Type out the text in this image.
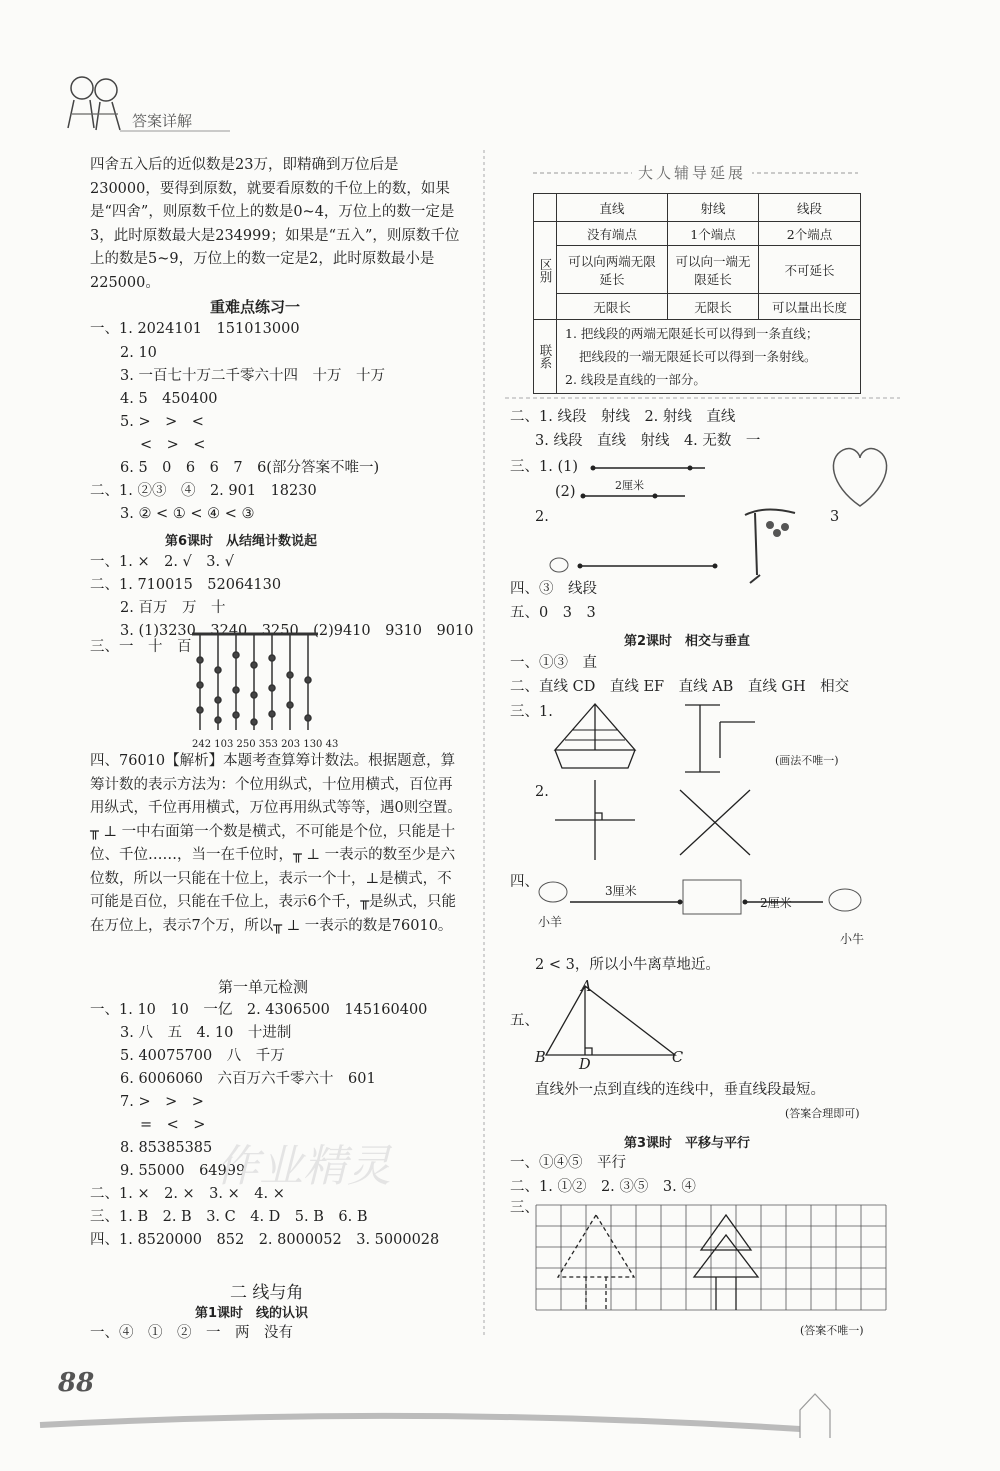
答案详解
四舍五入后的近似数是23万，即精确到万位后是230000，要得到原数，就要看原数的千位上的数，如果是“四舍”，则原数千位上的数是0~4，万位上的数一定是3，此时原数最大是234999；如果是“五入”，则原数千位上的数是5~9，万位上的数一定是2，此时原数最小是225000。
重难点练习一
一、1. 2024101　151013000
2. 10
3. 一百七十万二千零六十四　十万　十万
4. 5　450400
5. >　>　<
<　>　<
6. 5　0　6　6　7　6(部分答案不唯一)
二、1. ②③　④　2. 901　18230
3. ② < ① < ④ < ③
第6课时　从结绳计数说起
一、1. ×　2. √　3. √
二、1. 710015　52064130
2. 百万　万　十
3. (1)3230　3240　3250　(2)9410　9310　9010
三、一　十　百
242 103 250 353 203 130 43
四、76010【解析】本题考查算筹计数法。根据题意，算筹计数的表示方法为：个位用纵式，十位用横式，百位再用纵式，千位再用横式，万位再用纵式等等，遇0则空置。╥ ⊥ 一中右面第一个数是横式，不可能是个位，只能是十位、千位……，当一在千位时，╥ ⊥ 一表示的数至少是六位数，所以一只能在十位上，表示一个十，⊥是横式，不可能是百位，只能在千位上，表示6个千，╥是纵式，只能在万位上，表示7个万，所以╥ ⊥ 一表示的数是76010。
第一单元检测
一、1. 10　10　一亿　2. 4306500　145160400
3. 八　五　4. 10　十进制
5. 40075700　八　千万
6. 6006060　六百万六千零六十　601
7. >　>　>
=　<　>
8. 85385385
9. 55000　64999
二、1. ×　2. ×　3. ×　4. ×
三、1. B　2. B　3. C　4. D　5. B　6. B
四、1. 8520000　852　2. 8000052　3. 5000028
作业精灵
二 线与角
第1课时　线的认识
一、④　①　②　一　两　没有
88
大人辅导延展
	直线	射线	线段
区别	没有端点	1个端点	2个端点
	可以向两端无限延长	可以向一端无限延长	不可延长
	无限长	无限长	可以量出长度
联系	1. 把线段的两端无限延长可以得到一条直线；
把线段的一端无限延长可以得到一条射线。
2. 线段是直线的一部分。		
二、1. 线段　射线　2. 射线　直线
3. 线段　直线　射线　4. 无数　一
三、1. (1)
(2)	2厘米
2.	3
四、③　线段
五、0　3　3
第2课时　相交与垂直
一、①③　直
二、直线 CD　直线 EF　直线 AB　直线 GH　相交
三、1.
(画法不唯一)
2.
四、
3厘米
2厘米
小羊
小牛
2 < 3，所以小牛离草地近。
五、
A
B	C
D
直线外一点到直线的连线中，垂直线段最短。
(答案合理即可)
第3课时　平移与平行
一、①④⑤　平行
二、1. ①②　2. ③⑤　3. ④
三、
(答案不唯一)
